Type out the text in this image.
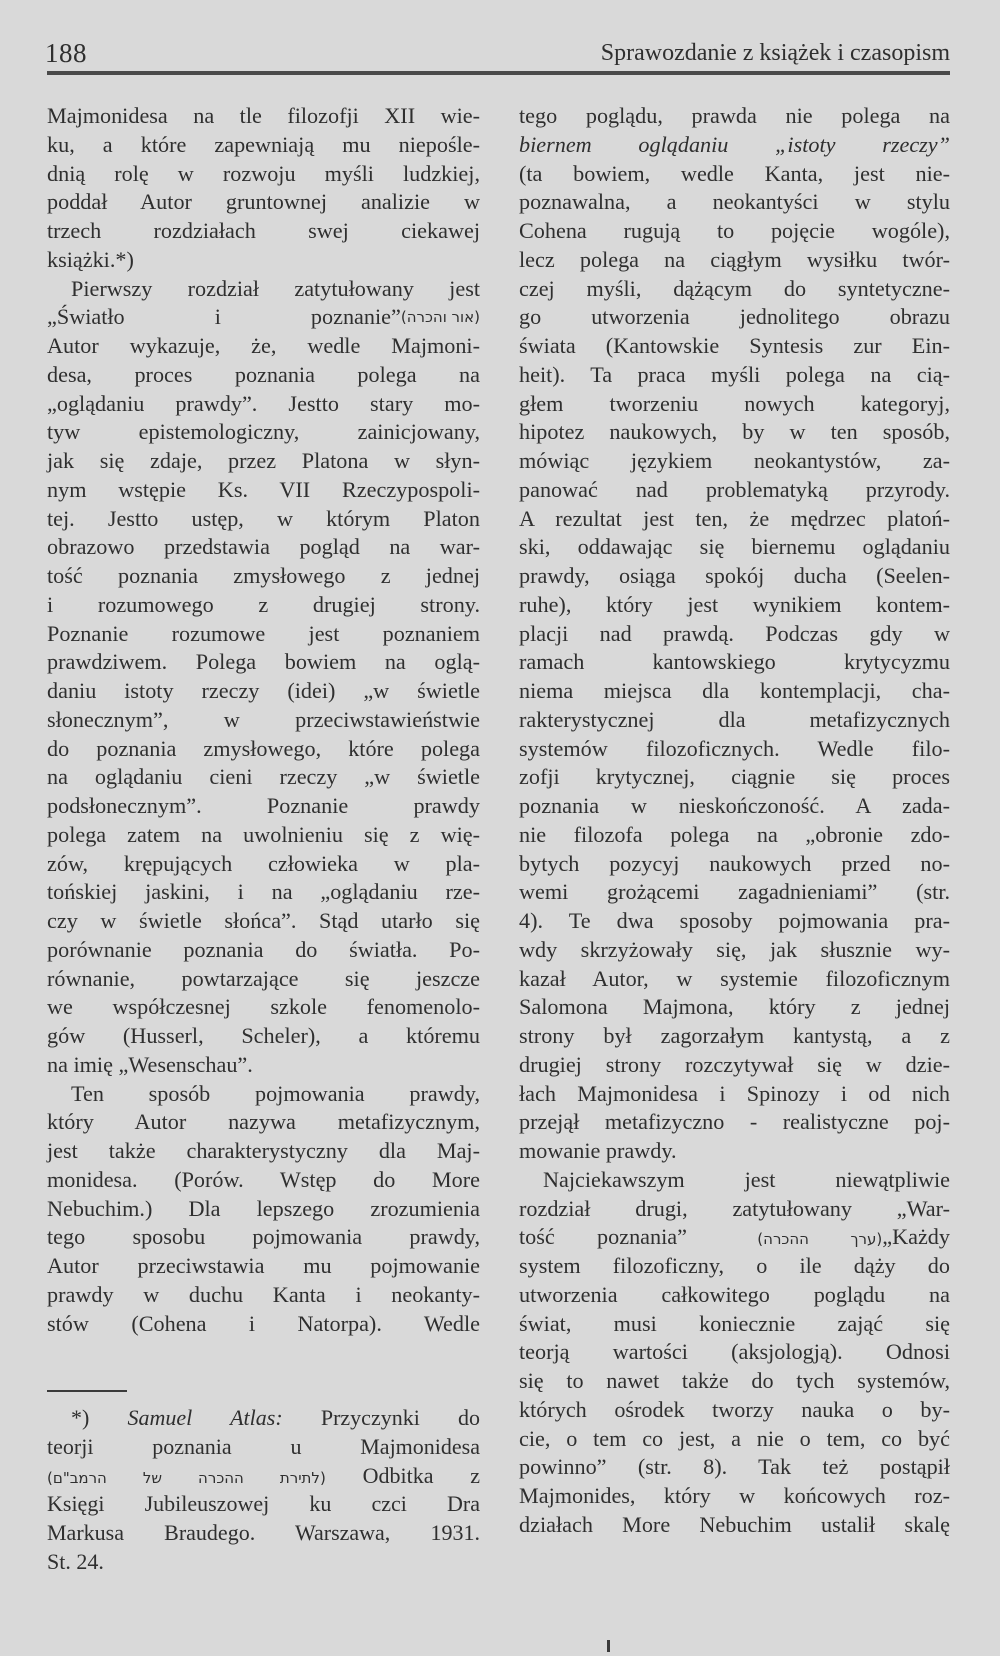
188	Sprawozdanie z książek i czasopism
Majmonidesa na tle filozofji XII wie-
ku, a które zapewniają mu niepośle-
dnią rolę w rozwoju myśli ludzkiej,
poddał Autor gruntownej analizie w
trzech rozdziałach swej ciekawej
książki.*)
Pierwszy rozdział zatytułowany jest
„Światło i poznanie” (אור והכרה)
Autor wykazuje, że, wedle Majmoni-
desa, proces poznania polega na
„oglądaniu prawdy”. Jestto stary mo-
tyw epistemologiczny, zainicjowany,
jak się zdaje, przez Platona w słyn-
nym wstępie Ks. VII Rzeczypospoli-
tej. Jestto ustęp, w którym Platon
obrazowo przedstawia pogląd na war-
tość poznania zmysłowego z jednej
i rozumowego z drugiej strony.
Poznanie rozumowe jest poznaniem
prawdziwem. Polega bowiem na oglą-
daniu istoty rzeczy (idei) „w świetle
słonecznym”, w przeciwstawieństwie
do poznania zmysłowego, które polega
na oglądaniu cieni rzeczy „w świetle
podsłonecznym”. Poznanie prawdy
polega zatem na uwolnieniu się z wię-
zów, krępujących człowieka w pla-
tońskiej jaskini, i na „oglądaniu rze-
czy w świetle słońca”. Stąd utarło się
porównanie poznania do światła. Po-
równanie, powtarzające się jeszcze
we współczesnej szkole fenomenolo-
gów (Husserl, Scheler), a któremu
na imię „Wesenschau”.
Ten sposób pojmowania prawdy,
który Autor nazywa metafizycznym,
jest także charakterystyczny dla Maj-
monidesa. (Porów. Wstęp do More
Nebuchim.) Dla lepszego zrozumienia
tego sposobu pojmowania prawdy,
Autor przeciwstawia mu pojmowanie
prawdy w duchu Kanta i neokanty-
stów (Cohena i Natorpa). Wedle
*) Samuel Atlas: Przyczynki do
teorji poznania u Majmonidesa
(לתירת ההכרה של הרמב"ם) Odbitka z
Księgi Jubileuszowej ku czci Dra
Markusa Braudego. Warszawa, 1931.
St. 24.
tego poglądu, prawda nie polega na
biernem oglądaniu „istoty rzeczy”
(ta bowiem, wedle Kanta, jest nie-
poznawalna, a neokantyści w stylu
Cohena rugują to pojęcie wogóle),
lecz polega na ciągłym wysiłku twór-
czej myśli, dążącym do syntetyczne-
go utworzenia jednolitego obrazu
świata (Kantowskie Syntesis zur Ein-
heit). Ta praca myśli polega na cią-
głem tworzeniu nowych kategoryj,
hipotez naukowych, by w ten sposób,
mówiąc językiem neokantystów, za-
panować nad problematyką przyrody.
A rezultat jest ten, że mędrzec platoń-
ski, oddawając się biernemu oglądaniu
prawdy, osiąga spokój ducha (Seelen-
ruhe), który jest wynikiem kontem-
placji nad prawdą. Podczas gdy w
ramach kantowskiego krytycyzmu
niema miejsca dla kontemplacji, cha-
rakterystycznej dla metafizycznych
systemów filozoficznych. Wedle filo-
zofji krytycznej, ciągnie się proces
poznania w nieskończoność. A zada-
nie filozofa polega na „obronie zdo-
bytych pozycyj naukowych przed no-
wemi grożącemi zagadnieniami” (str.
4). Te dwa sposoby pojmowania pra-
wdy skrzyżowały się, jak słusznie wy-
kazał Autor, w systemie filozoficznym
Salomona Majmona, który z jednej
strony był zagorzałym kantystą, a z
drugiej strony rozczytywał się w dzie-
łach Majmonidesa i Spinozy i od nich
przejął metafizyczno - realistyczne poj-
mowanie prawdy.
Najciekawszym jest niewątpliwie
rozdział drugi, zatytułowany „War-
tość poznania”	(ערך ההכרה) „Każdy
system filozoficzny, o ile dąży do
utworzenia całkowitego poglądu na
świat, musi koniecznie zająć się
teorją wartości (aksjologją). Odnosi
się to nawet także do tych systemów,
których ośrodek tworzy nauka o by-
cie, o tem co jest, a nie o tem, co być
powinno” (str. 8). Tak też postąpił
Majmonides, który w końcowych roz-
działach More Nebuchim ustalił skalę
